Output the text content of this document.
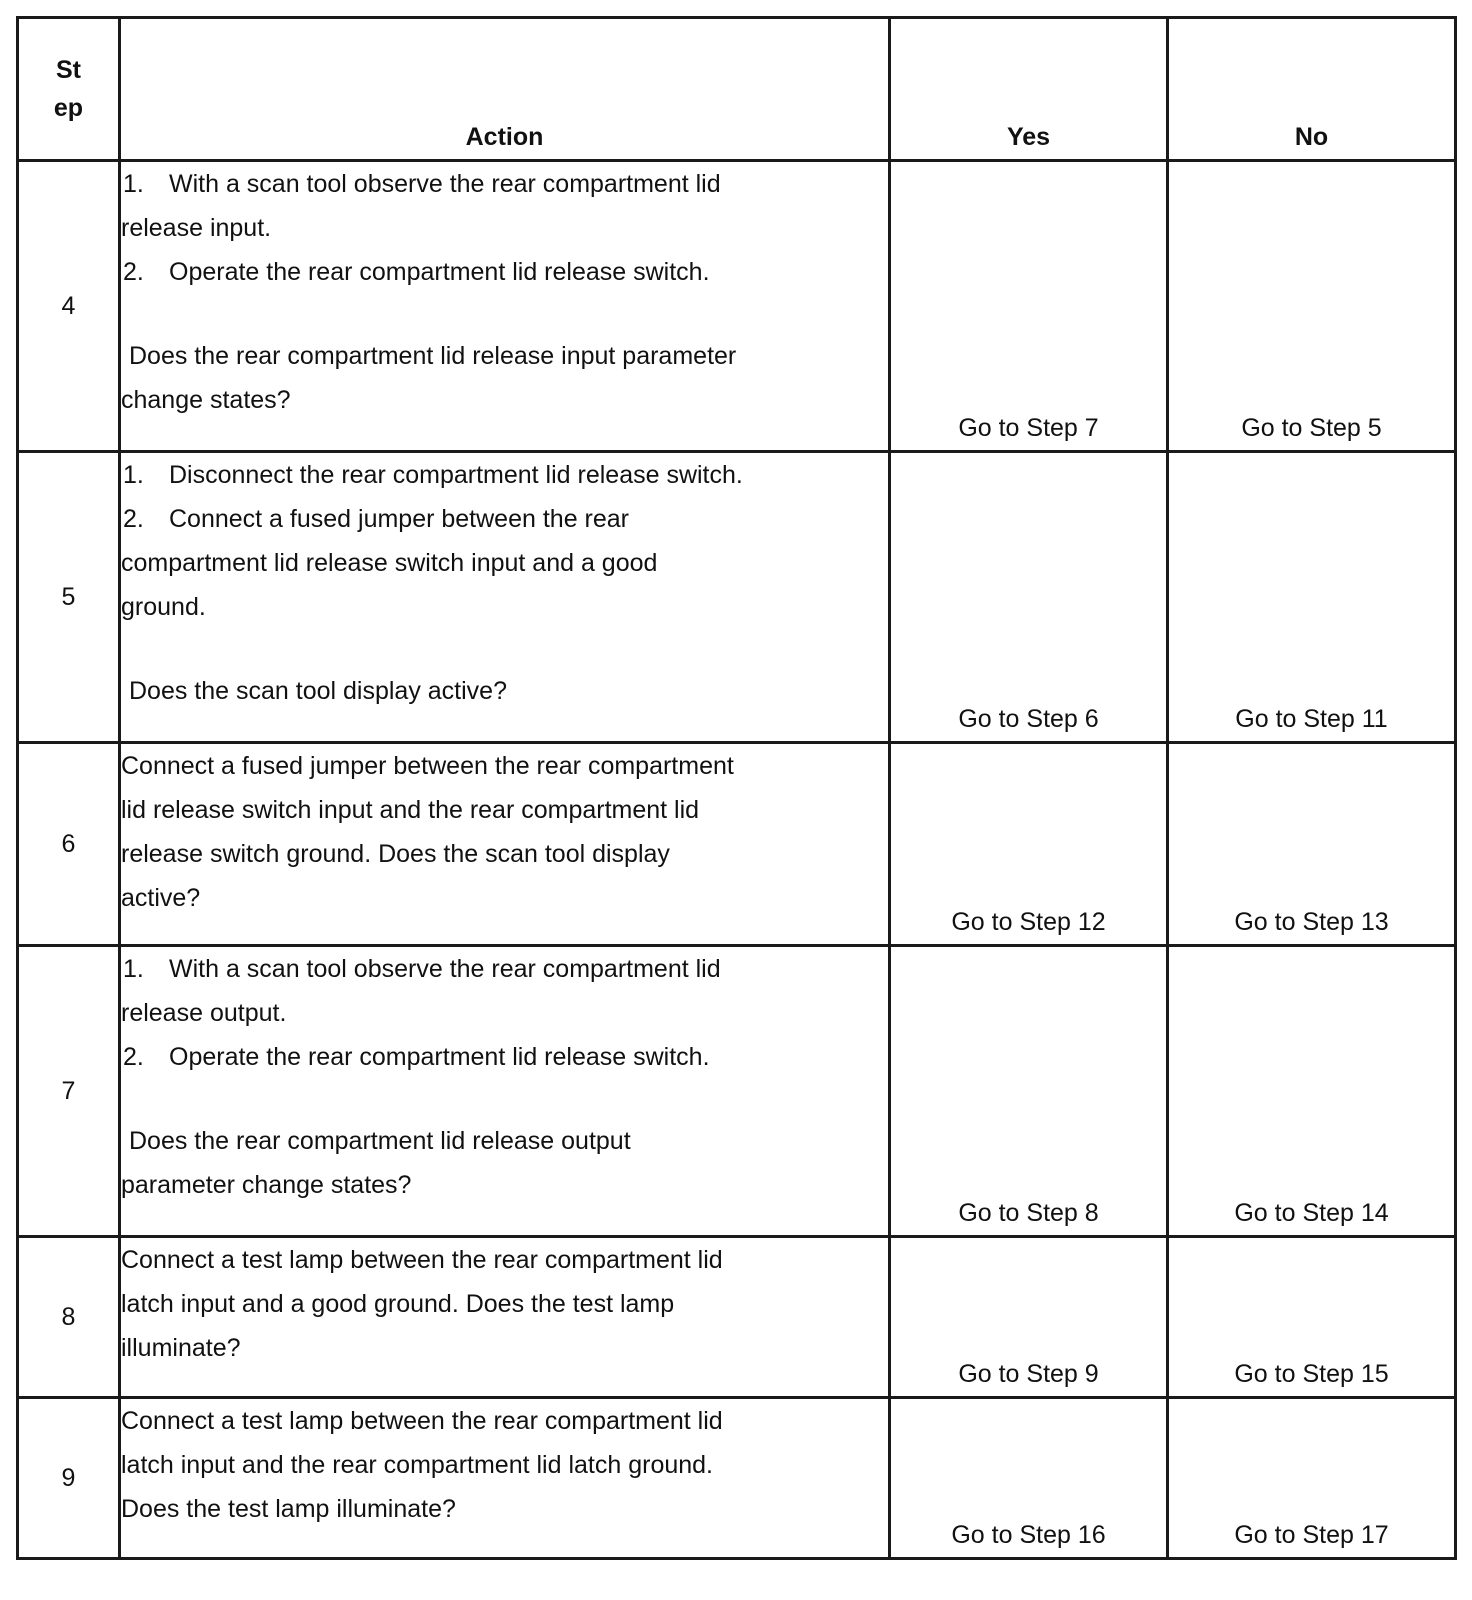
St
ep	Action	Yes	No
4	1. With a scan tool observe the rear compartment lid
release input.
2. Operate the rear compartment lid release switch.
Does the rear compartment lid release input parameter
change states?	Go to Step 7	Go to Step 5
5	1. Disconnect the rear compartment lid release switch.
2. Connect a fused jumper between the rear
compartment lid release switch input and a good
ground.
Does the scan tool display active?	Go to Step 6	Go to Step 11
6	Connect a fused jumper between the rear compartment
lid release switch input and the rear compartment lid
release switch ground. Does the scan tool display
active?	Go to Step 12	Go to Step 13
7	1. With a scan tool observe the rear compartment lid
release output.
2. Operate the rear compartment lid release switch.
Does the rear compartment lid release output
parameter change states?	Go to Step 8	Go to Step 14
8	Connect a test lamp between the rear compartment lid
latch input and a good ground. Does the test lamp
illuminate?	Go to Step 9	Go to Step 15
9	Connect a test lamp between the rear compartment lid
latch input and the rear compartment lid latch ground.
Does the test lamp illuminate?	Go to Step 16	Go to Step 17
